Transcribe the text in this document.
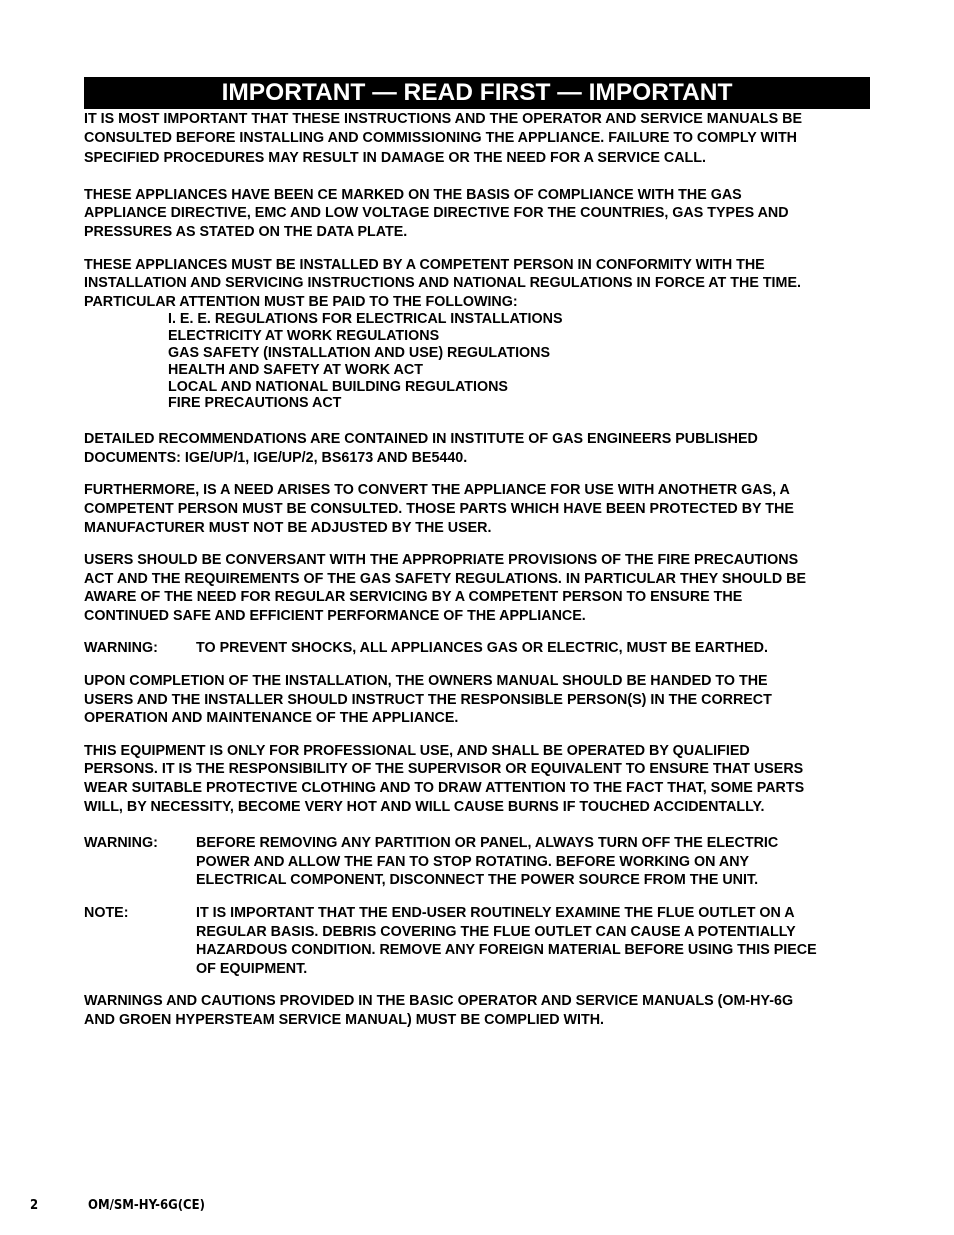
IMPORTANT — READ FIRST — IMPORTANT
IT IS MOST IMPORTANT THAT THESE INSTRUCTIONS AND THE OPERATOR AND SERVICE MANUALS BE
CONSULTED BEFORE INSTALLING AND COMMISSIONING THE APPLIANCE. FAILURE TO COMPLY WITH
SPECIFIED PROCEDURES MAY RESULT IN DAMAGE OR THE NEED FOR A SERVICE CALL.
THESE APPLIANCES HAVE BEEN CE MARKED ON THE BASIS OF COMPLIANCE WITH THE GAS
APPLIANCE DIRECTIVE, EMC AND LOW VOLTAGE DIRECTIVE FOR THE COUNTRIES, GAS TYPES AND
PRESSURES AS STATED ON THE DATA PLATE.
THESE APPLIANCES MUST BE INSTALLED BY A COMPETENT PERSON IN CONFORMITY WITH THE
INSTALLATION AND SERVICING INSTRUCTIONS AND NATIONAL REGULATIONS IN FORCE AT THE TIME.
PARTICULAR ATTENTION MUST BE PAID TO THE FOLLOWING:
I. E. E. REGULATIONS FOR ELECTRICAL INSTALLATIONS
ELECTRICITY AT WORK REGULATIONS
GAS SAFETY (INSTALLATION AND USE) REGULATIONS
HEALTH AND SAFETY AT WORK ACT
LOCAL AND NATIONAL BUILDING REGULATIONS
FIRE PRECAUTIONS ACT
DETAILED RECOMMENDATIONS ARE CONTAINED IN INSTITUTE OF GAS ENGINEERS PUBLISHED
DOCUMENTS: IGE/UP/1, IGE/UP/2, BS6173 AND BE5440.
FURTHERMORE, IS A NEED ARISES TO CONVERT THE APPLIANCE FOR USE WITH ANOTHETR GAS, A
COMPETENT PERSON MUST BE CONSULTED. THOSE PARTS WHICH HAVE BEEN PROTECTED BY THE
MANUFACTURER MUST NOT BE ADJUSTED BY THE USER.
USERS SHOULD BE CONVERSANT WITH THE APPROPRIATE PROVISIONS OF THE FIRE PRECAUTIONS
ACT AND THE REQUIREMENTS OF THE GAS SAFETY REGULATIONS. IN PARTICULAR THEY SHOULD BE
AWARE OF THE NEED FOR REGULAR SERVICING BY A COMPETENT PERSON TO ENSURE THE
CONTINUED SAFE AND EFFICIENT PERFORMANCE OF THE APPLIANCE.
WARNING:	TO PREVENT SHOCKS, ALL APPLIANCES GAS OR ELECTRIC, MUST BE EARTHED.
UPON COMPLETION OF THE INSTALLATION, THE OWNERS MANUAL SHOULD BE HANDED TO THE
USERS AND THE INSTALLER SHOULD INSTRUCT THE RESPONSIBLE PERSON(S) IN THE CORRECT
OPERATION AND MAINTENANCE OF THE APPLIANCE.
THIS EQUIPMENT IS ONLY FOR PROFESSIONAL USE, AND SHALL BE OPERATED BY QUALIFIED
PERSONS. IT IS THE RESPONSIBILITY OF THE SUPERVISOR OR EQUIVALENT TO ENSURE THAT USERS
WEAR SUITABLE PROTECTIVE CLOTHING AND TO DRAW ATTENTION TO THE FACT THAT, SOME PARTS
WILL, BY NECESSITY, BECOME VERY HOT AND WILL CAUSE BURNS IF TOUCHED ACCIDENTALLY.
WARNING:	BEFORE REMOVING ANY PARTITION OR PANEL, ALWAYS TURN OFF THE ELECTRIC
POWER AND ALLOW THE FAN TO STOP ROTATING. BEFORE WORKING ON ANY
ELECTRICAL COMPONENT, DISCONNECT THE POWER SOURCE FROM THE UNIT.
NOTE:	IT IS IMPORTANT THAT THE END-USER ROUTINELY EXAMINE THE FLUE OUTLET ON A
REGULAR BASIS. DEBRIS COVERING THE FLUE OUTLET CAN CAUSE A POTENTIALLY
HAZARDOUS CONDITION. REMOVE ANY FOREIGN MATERIAL BEFORE USING THIS PIECE
OF EQUIPMENT.
WARNINGS AND CAUTIONS PROVIDED IN THE BASIC OPERATOR AND SERVICE MANUALS (OM-HY-6G
AND GROEN HYPERSTEAM SERVICE MANUAL) MUST BE COMPLIED WITH.
2	OM/SM-HY-6G(CE)
